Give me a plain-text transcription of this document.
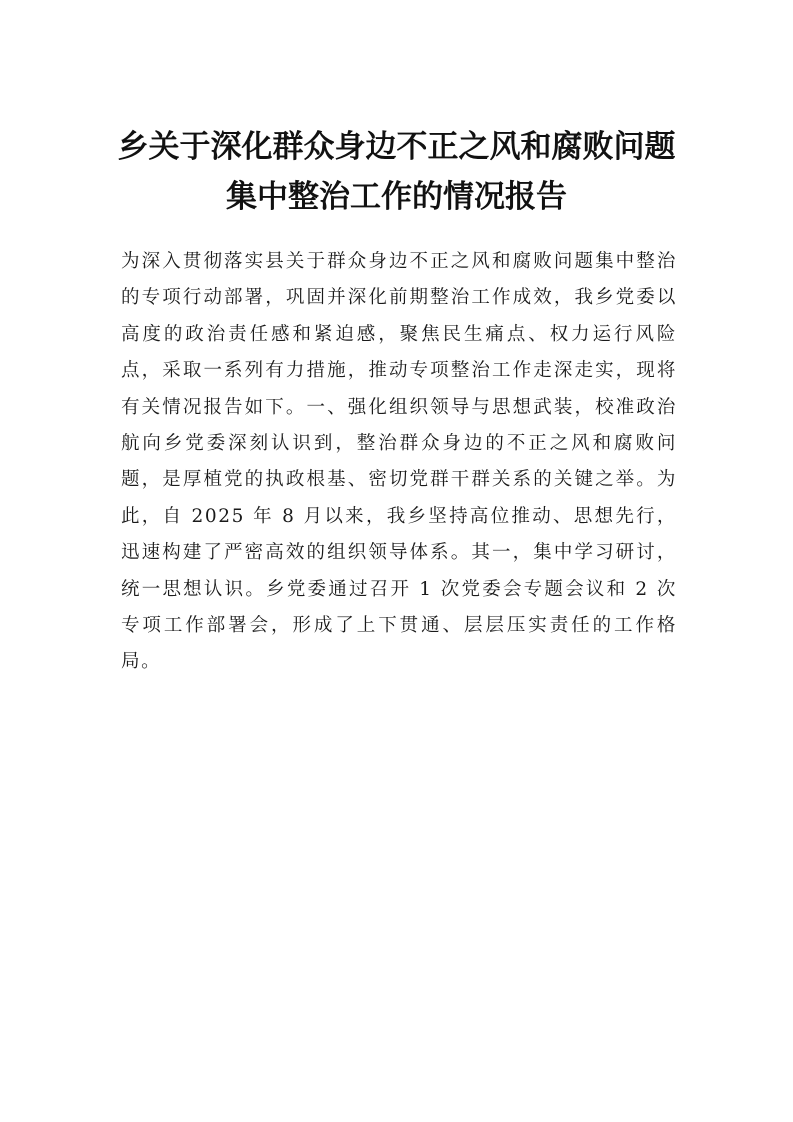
乡关于深化群众身边不正之风和腐败问题
集中整治工作的情况报告

为深入贯彻落实县关于群众身边不正之风和腐败问题集中整治的专项行动部署，巩固并深化前期整治工作成效，我乡党委以高度的政治责任感和紧迫感，聚焦民生痛点、权力运行风险点，采取一系列有力措施，推动专项整治工作走深走实，现将有关情况报告如下。一、强化组织领导与思想武装，校准政治航向乡党委深刻认识到，整治群众身边的不正之风和腐败问题，是厚植党的执政根基、密切党群干群关系的关键之举。为此，自 2025 年 8 月以来，我乡坚持高位推动、思想先行，迅速构建了严密高效的组织领导体系。其一，集中学习研讨，统一思想认识。乡党委通过召开 1 次党委会专题会议和 2 次专项工作部署会，形成了上下贯通、层层压实责任的工作格局。
